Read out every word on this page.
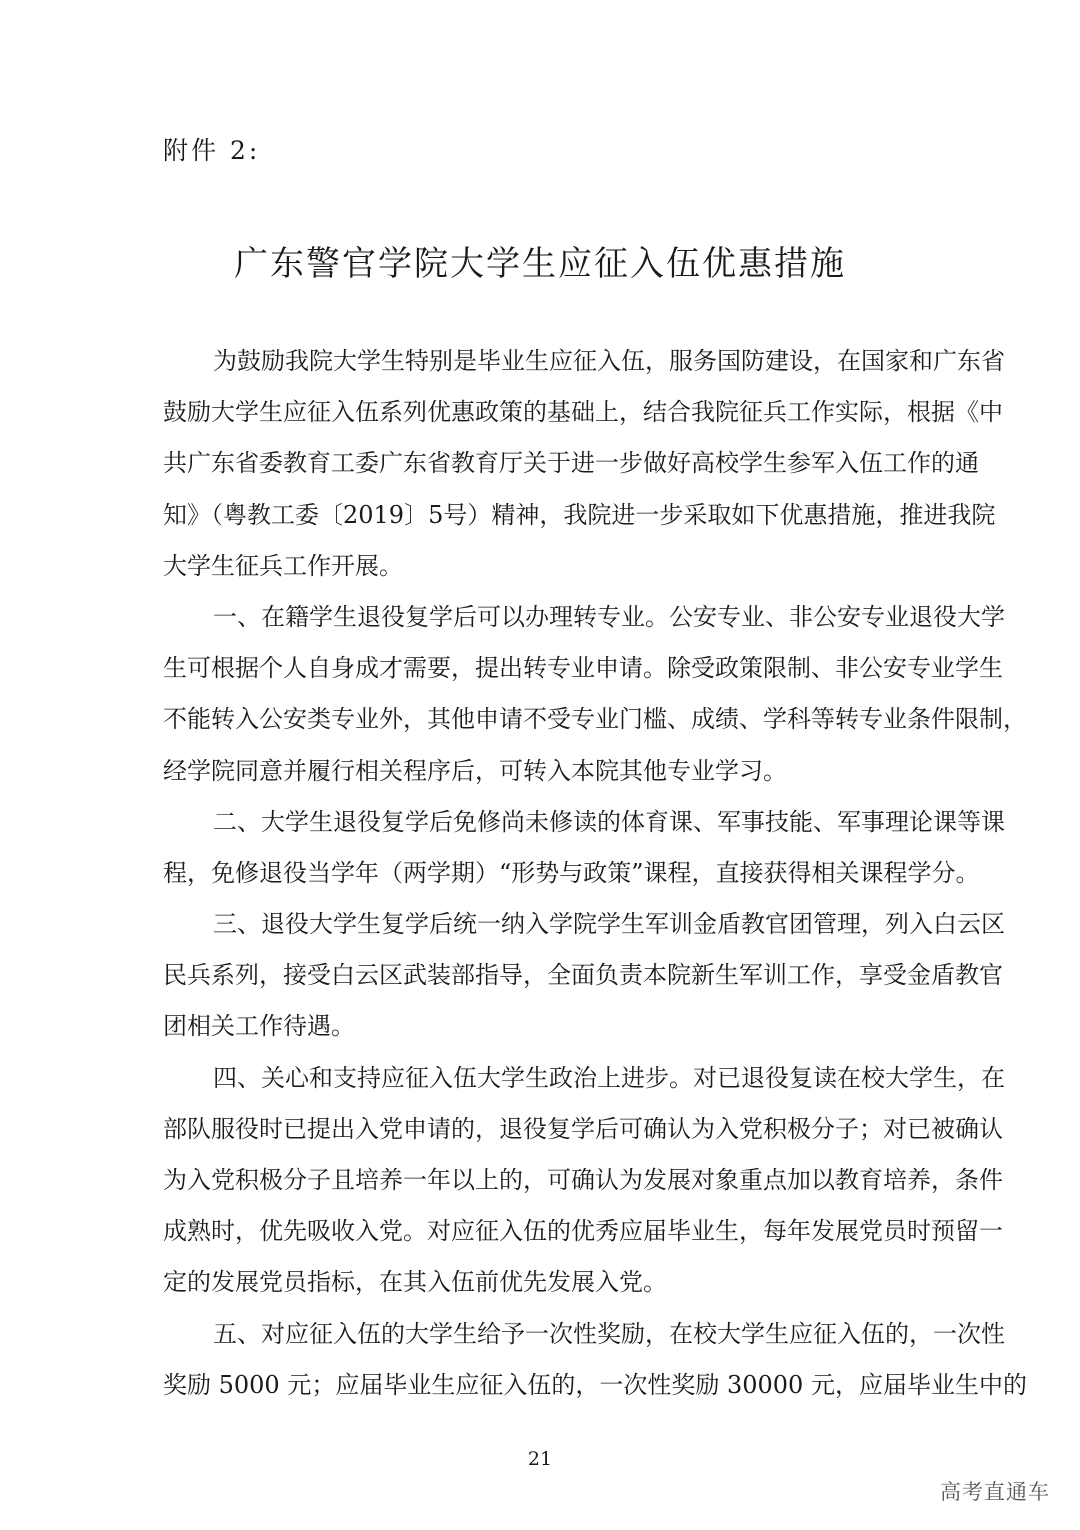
附件 2:
广东警官学院大学生应征入伍优惠措施
为鼓励我院大学生特别是毕业生应征入伍，服务国防建设，在国家和广东省
鼓励大学生应征入伍系列优惠政策的基础上，结合我院征兵工作实际，根据《中
共广东省委教育工委广东省教育厅关于进一步做好高校学生参军入伍工作的通
知》（粤教工委〔2019〕5号）精神，我院进一步采取如下优惠措施，推进我院
大学生征兵工作开展。
一、在籍学生退役复学后可以办理转专业。公安专业、非公安专业退役大学
生可根据个人自身成才需要，提出转专业申请。除受政策限制、非公安专业学生
不能转入公安类专业外，其他申请不受专业门槛、成绩、学科等转专业条件限制，
经学院同意并履行相关程序后，可转入本院其他专业学习。
二、大学生退役复学后免修尚未修读的体育课、军事技能、军事理论课等课
程，免修退役当学年（两学期）“形势与政策”课程，直接获得相关课程学分。
三、退役大学生复学后统一纳入学院学生军训金盾教官团管理，列入白云区
民兵系列，接受白云区武装部指导，全面负责本院新生军训工作，享受金盾教官
团相关工作待遇。
四、关心和支持应征入伍大学生政治上进步。对已退役复读在校大学生，在
部队服役时已提出入党申请的，退役复学后可确认为入党积极分子；对已被确认
为入党积极分子且培养一年以上的，可确认为发展对象重点加以教育培养，条件
成熟时，优先吸收入党。对应征入伍的优秀应届毕业生，每年发展党员时预留一
定的发展党员指标，在其入伍前优先发展入党。
五、对应征入伍的大学生给予一次性奖励，在校大学生应征入伍的，一次性
奖励 5000 元；应届毕业生应征入伍的，一次性奖励 30000 元，应届毕业生中的
21
高考直通车
